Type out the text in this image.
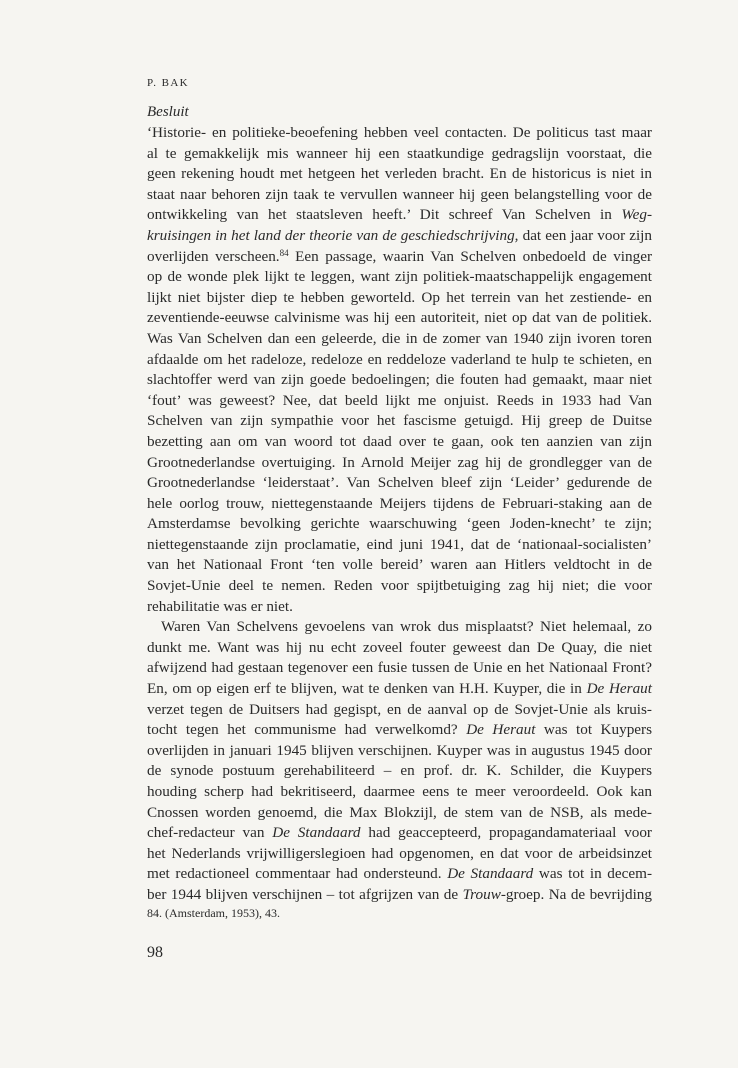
P. BAK
Besluit

‘Historie- en politieke-beoefening hebben veel contacten. De politicus tast maar
al te gemakkelijk mis wanneer hij een staatkundige gedragslijn voorstaat, die
geen rekening houdt met hetgeen het verleden bracht. En de historicus is niet in
staat naar behoren zijn taak te vervullen wanneer hij geen belangstelling voor de
ontwikkeling van het staatsleven heeft.’ Dit schreef Van Schelven in Weg-
kruisingen in het land der theorie van de geschiedschrijving, dat een jaar voor zijn
overlijden verscheen.$^{84}$ Een passage, waarin Van Schelven onbedoeld de vinger
op de wonde plek lijkt te leggen, want zijn politiek-maatschappelijk engagement
lijkt niet bijster diep te hebben geworteld. Op het terrein van het zestiende- en
zeventiende-eeuwse calvinisme was hij een autoriteit, niet op dat van de politiek.
Was Van Schelven dan een geleerde, die in de zomer van 1940 zijn ivoren toren
afdaalde om het radeloze, redeloze en reddeloze vaderland te hulp te schieten, en
slachtoffer werd van zijn goede bedoelingen; die fouten had gemaakt, maar niet
‘fout’ was geweest? Nee, dat beeld lijkt me onjuist. Reeds in 1933 had Van
Schelven van zijn sympathie voor het fascisme getuigd. Hij greep de Duitse
bezetting aan om van woord tot daad over te gaan, ook ten aanzien van zijn
Grootnederlandse overtuiging. In Arnold Meijer zag hij de grondlegger van de
Grootnederlandse ‘leiderstaat’. Van Schelven bleef zijn ‘Leider’ gedurende de
hele oorlog trouw, niettegenstaande Meijers tijdens de Februari-staking aan de
Amsterdamse bevolking gerichte waarschuwing ‘geen Joden-knecht’ te zijn;
niettegenstaande zijn proclamatie, eind juni 1941, dat de ‘nationaal-socialisten’
van het Nationaal Front ‘ten volle bereid’ waren aan Hitlers veldtocht in de
Sovjet-Unie deel te nemen. Reden voor spijtbetuiging zag hij niet; die voor
rehabilitatie was er niet.

Waren Van Schelvens gevoelens van wrok dus misplaatst? Niet helemaal, zo
dunkt me. Want was hij nu echt zoveel fouter geweest dan De Quay, die niet
afwijzend had gestaan tegenover een fusie tussen de Unie en het Nationaal Front?
En, om op eigen erf te blijven, wat te denken van H.H. Kuyper, die in De Heraut
verzet tegen de Duitsers had gegispt, en de aanval op de Sovjet-Unie als kruis-
tocht tegen het communisme had verwelkomd? De Heraut was tot Kuypers
overlijden in januari 1945 blijven verschijnen. Kuyper was in augustus 1945 door
de synode postuum gerehabiliteerd – en prof. dr. K. Schilder, die Kuypers
houding scherp had bekritiseerd, daarmee eens te meer veroordeeld. Ook kan
Cnossen worden genoemd, die Max Blokzijl, de stem van de NSB, als mede-
chef-redacteur van De Standaard had geaccepteerd, propagandamateriaal voor
het Nederlands vrijwilligerslegioen had opgenomen, en dat voor de arbeidsinzet
met redactioneel commentaar had ondersteund. De Standaard was tot in decem-
ber 1944 blijven verschijnen – tot afgrijzen van de Trouw-groep. Na de bevrijding

84. (Amsterdam, 1953), 43.
98
